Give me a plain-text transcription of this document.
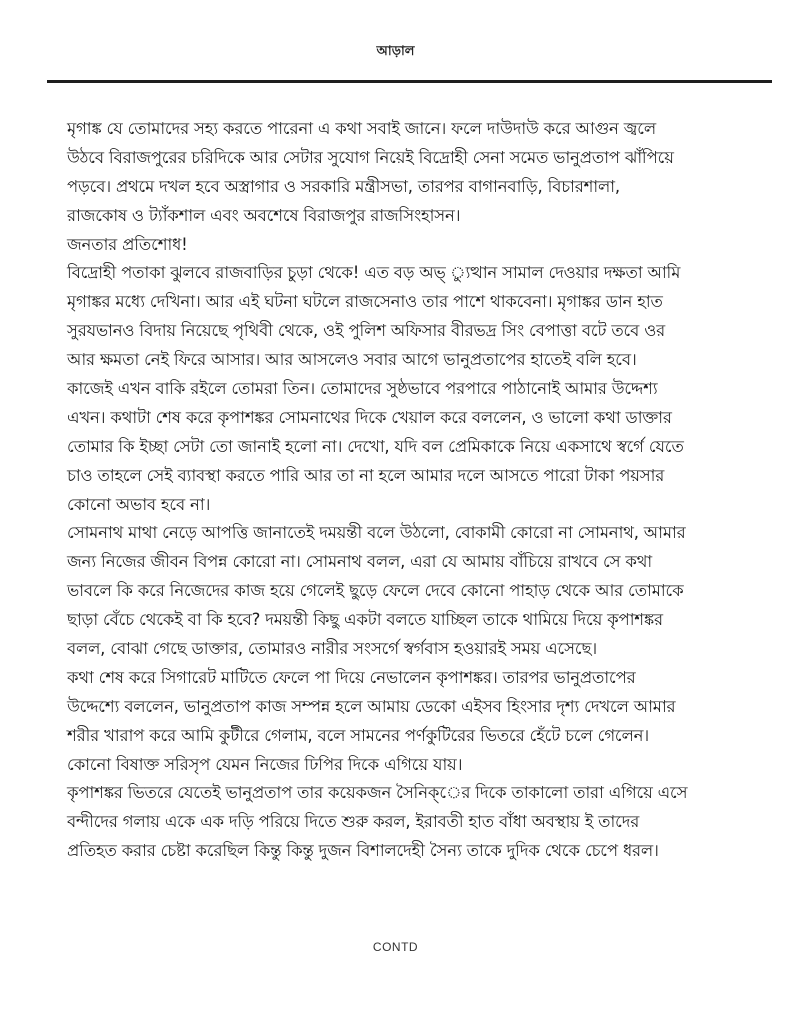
আড়াল
মৃগাঙ্ক যে তোমাদের সহ্য করতে পারেনা এ কথা সবাই জানে। ফলে দাউদাউ করে আগুন জ্বলে
উঠবে বিরাজপুরের চরিদিকে আর সেটার সুযোগ নিয়েই বিদ্রোহী সেনা সমেত ভানুপ্রতাপ ঝাঁপিয়ে
পড়বে। প্রথমে দখল হবে অস্ত্রাগার ও সরকারি মন্ত্রীসভা, তারপর বাগানবাড়ি, বিচারশালা,
রাজকোষ ও ট্যাঁকশাল এবং অবশেষে বিরাজপুর রাজসিংহাসন।
জনতার প্রতিশোধ!
বিদ্রোহী পতাকা ঝুলবে রাজবাড়ির চুড়া থেকে! এত বড় অভ্ ্যুত্থান সামাল দেওয়ার দক্ষতা আমি
মৃগাঙ্কর মধ্যে দেখিনা। আর এই ঘটনা ঘটলে রাজসেনাও তার পাশে থাকবেনা। মৃগাঙ্কর ডান হাত
সুরযভানও বিদায় নিয়েছে পৃথিবী থেকে, ওই পুলিশ অফিসার বীরভদ্র সিং বেপাত্তা বটে তবে ওর
আর ক্ষমতা নেই ফিরে আসার। আর আসলেও সবার আগে ভানুপ্রতাপের হাতেই বলি হবে।
কাজেই এখন বাকি রইলে তোমরা তিন। তোমাদের সুষ্ঠভাবে পরপারে পাঠানোই আমার উদ্দেশ্য
এখন। কথাটা শেষ করে কৃপাশঙ্কর সোমনাথের দিকে খেয়াল করে বললেন, ও ভালো কথা ডাক্তার
তোমার কি ইচ্ছা সেটা তো জানাই হলো না। দেখো, যদি বল প্রেমিকাকে নিয়ে একসাথে স্বর্গে যেতে
চাও তাহলে সেই ব্যাবস্থা করতে পারি আর তা না হলে আমার দলে আসতে পারো টাকা পয়সার
কোনো অভাব হবে না।
সোমনাথ মাথা নেড়ে আপত্তি জানাতেই দময়ন্তী বলে উঠলো, বোকামী কোরো না সোমনাথ, আমার
জন্য নিজের জীবন বিপন্ন কোরো না। সোমনাথ বলল, এরা যে আমায় বাঁচিয়ে রাখবে সে কথা
ভাবলে কি করে নিজেদের কাজ হয়ে গেলেই ছুড়ে ফেলে দেবে কোনো পাহাড় থেকে আর তোমাকে
ছাড়া বেঁচে থেকেই বা কি হবে? দময়ন্তী কিছু একটা বলতে যাচ্ছিল তাকে থামিয়ে দিয়ে কৃপাশঙ্কর
বলল, বোঝা গেছে ডাক্তার, তোমারও নারীর সংসর্গে স্বর্গবাস হওয়ারই সময় এসেছে।
কথা শেষ করে সিগারেট মাটিতে ফেলে পা দিয়ে নেভালেন কৃপাশঙ্কর। তারপর ভানুপ্রতাপের
উদ্দেশ্যে বললেন, ভানুপ্রতাপ কাজ সম্পন্ন হলে আমায় ডেকো এইসব হিংসার দৃশ্য দেখলে আমার
শরীর খারাপ করে আমি কুটীরে গেলাম, বলে সামনের পর্ণকুটিরের ভিতরে হেঁটে চলে গেলেন।
কোনো বিষাক্ত সরিসৃপ যেমন নিজের ঢিপির দিকে এগিয়ে যায়।
কৃপাশঙ্কর ভিতরে যেতেই ভানুপ্রতাপ তার কয়েকজন সৈনিক্ের দিকে তাকালো তারা এগিয়ে এসে
বন্দীদের গলায় একে এক দড়ি পরিয়ে দিতে শুরু করল, ইরাবতী হাত বাঁধা অবস্থায় ই তাদের
প্রতিহত করার চেষ্টা করেছিল কিন্তু কিন্তু দুজন বিশালদেহী সৈন্য তাকে দুদিক থেকে চেপে ধরল।
CONTD
